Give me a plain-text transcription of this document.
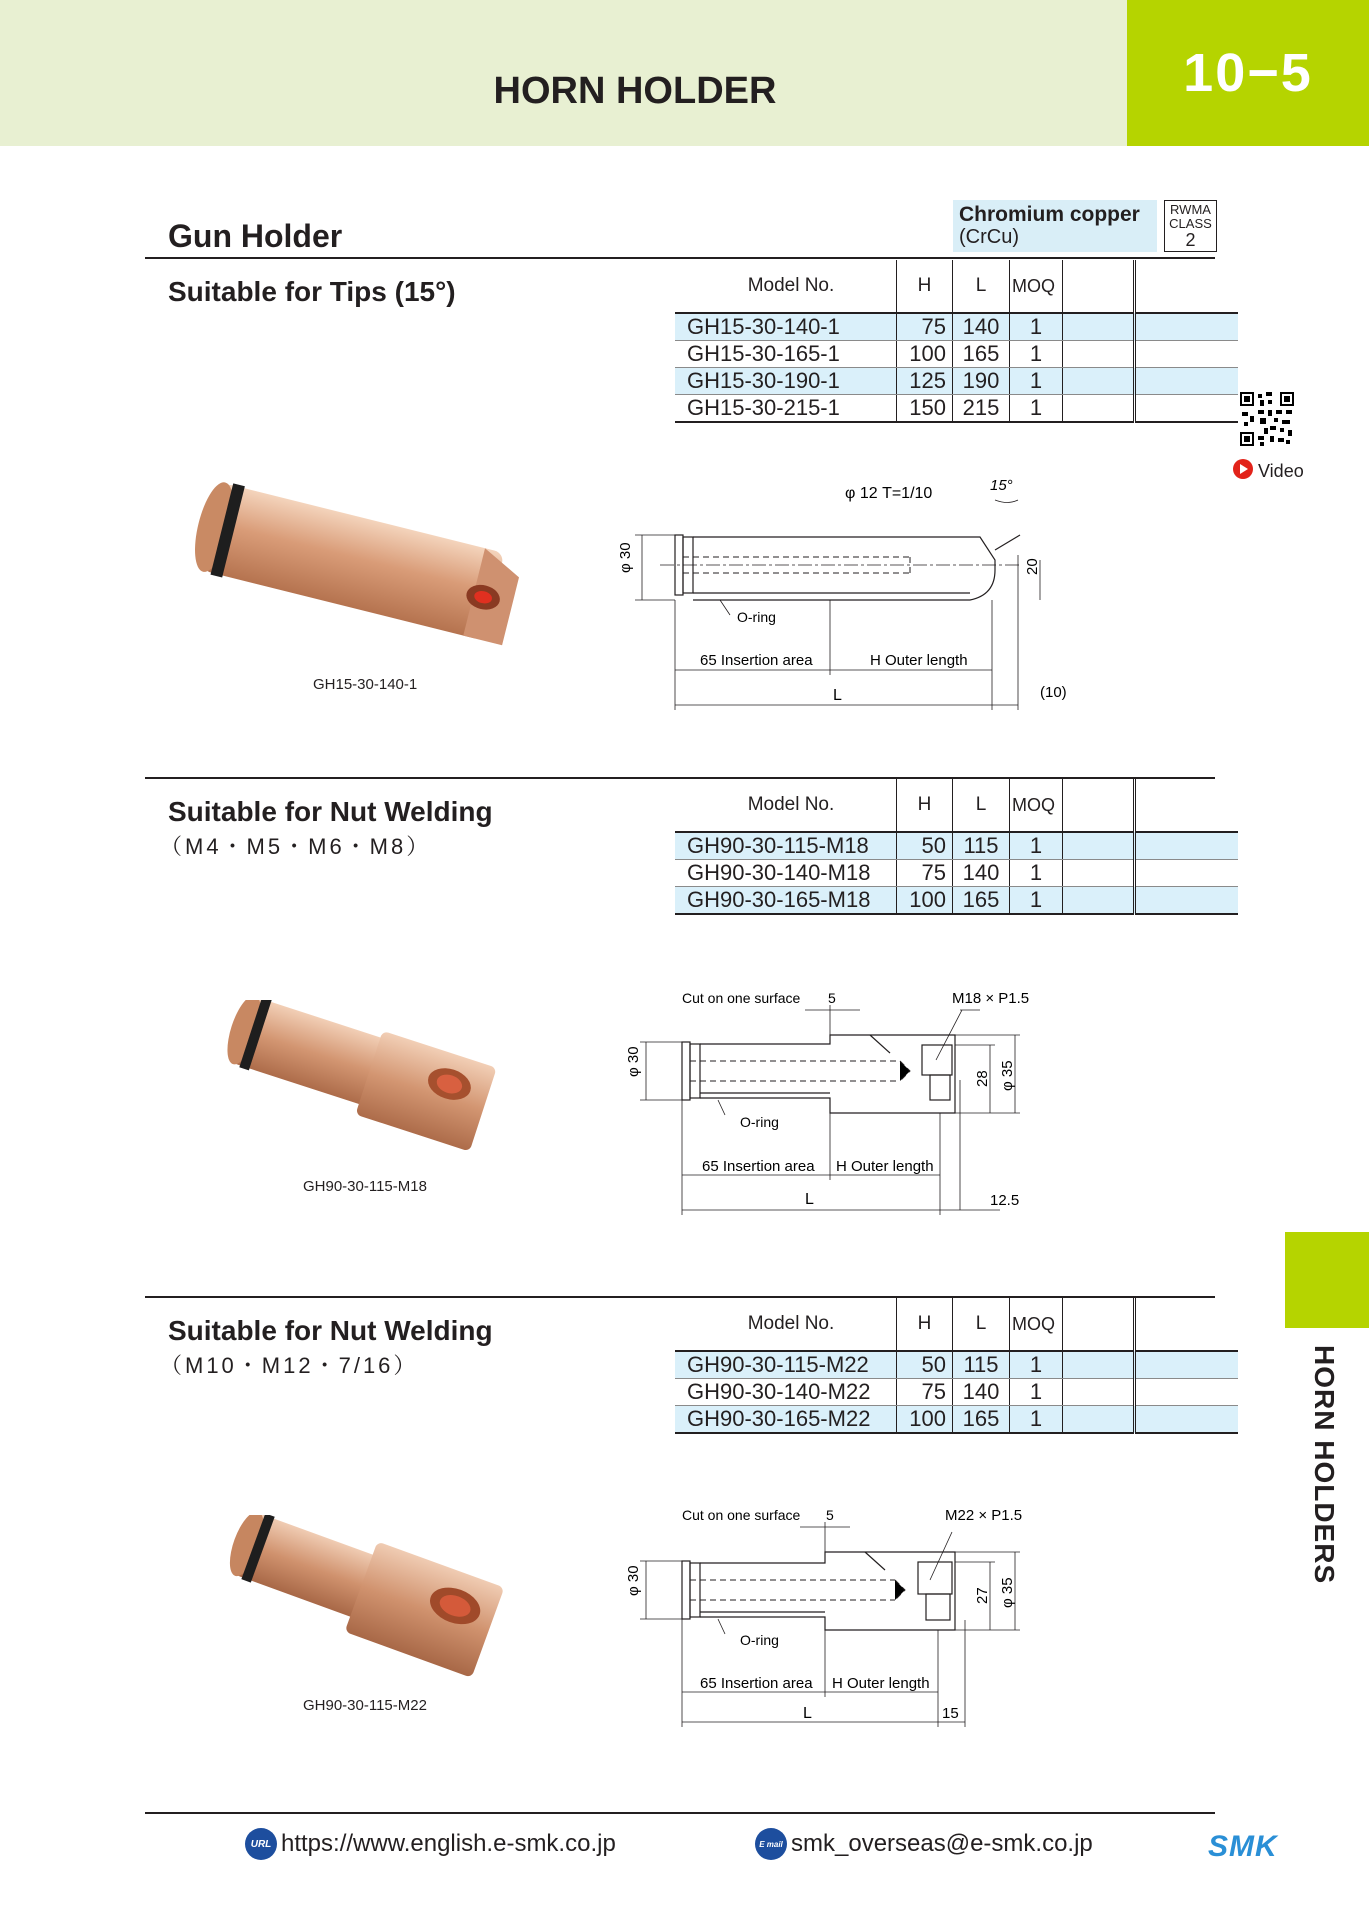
HORN HOLDER	10−5
Gun Holder
Chromium copper
(CrCu)
RWMA
CLASS
2
Video
Suitable for Tips (15°)	Model No.	H	L	MOQ		
GH15-30-140-1	75	140	1		
GH15-30-165-1	100	165	1		
GH15-30-190-1	125	190	1		
GH15-30-215-1	150	215	1		
GH15-30-140-1
φ 30
φ 12 T=1/10	15°
20
O-ring
65 Insertion area	H Outer length
L	(10)
Suitable for Nut Welding
（M4・M5・M6・M8）
Model No.	H	L	MOQ		
GH90-30-115-M18	50	115	1		
GH90-30-140-M18	75	140	1		
GH90-30-165-M18	100	165	1		
GH90-30-115-M18
Cut on one surface 5	M18 × P1.5
φ 30
28 φ 35
O-ring
65 Insertion area H Outer length
L	12.5
Suitable for Nut Welding
（M10・M12・7/16）
Model No.	H	L	MOQ		
GH90-30-115-M22	50	115	1		
GH90-30-140-M22	75	140	1		
GH90-30-165-M22	100	165	1		
GH90-30-115-M22
Cut on one surface 5	M22 × P1.5
φ 30	27 φ 35
O-ring
65 Insertion area H Outer length
L	15
HORN HOLDERS
URL https://www.english.e-smk.co.jp	E mail smk_overseas@e-smk.co.jp	SMK
